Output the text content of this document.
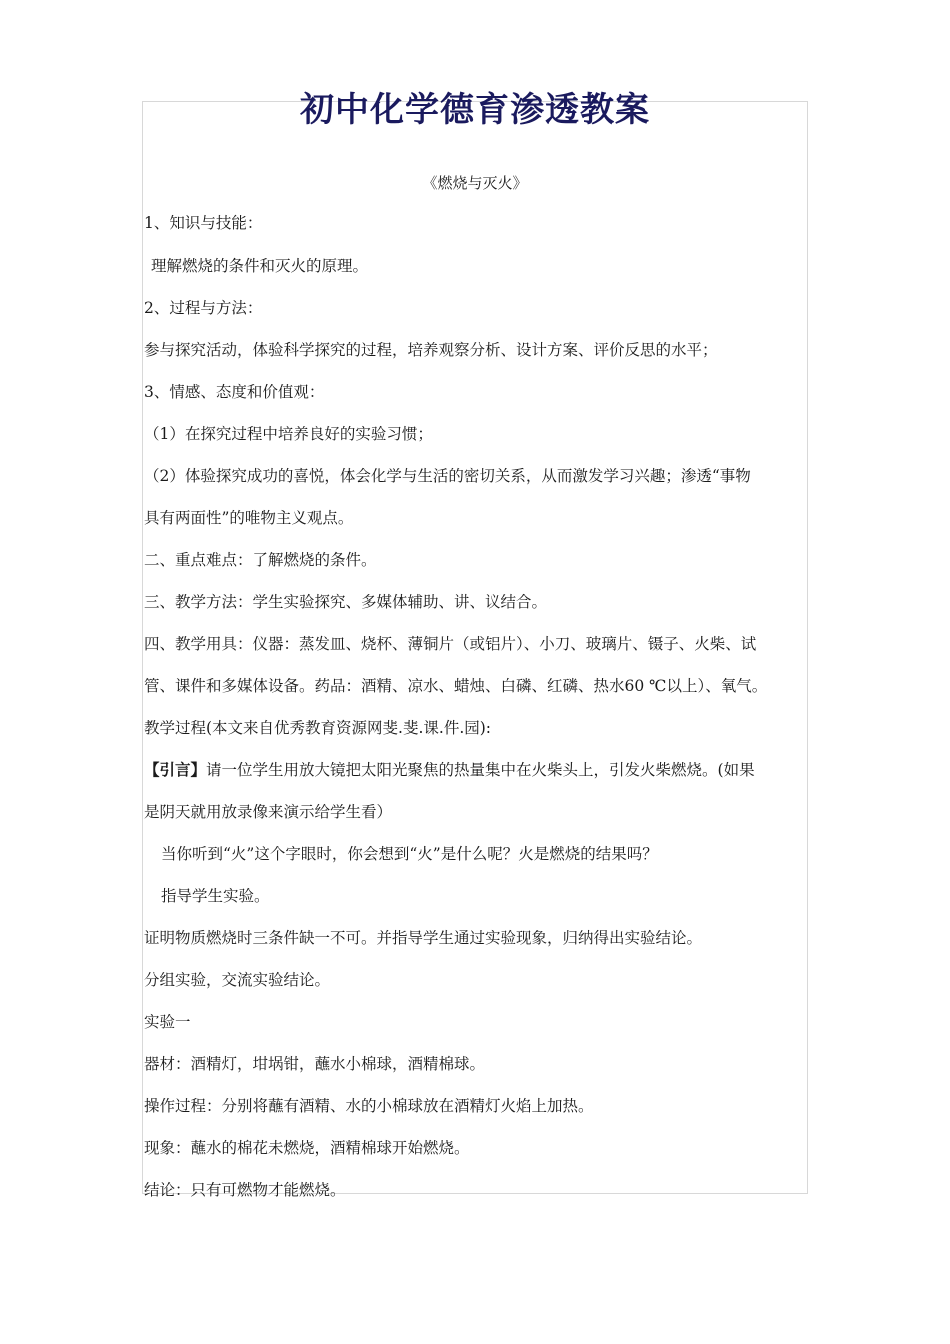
初中化学德育渗透教案
《燃烧与灭火》
1、知识与技能：
理解燃烧的条件和灭火的原理。
2、过程与方法：
参与探究活动，体验科学探究的过程，培养观察分析、设计方案、评价反思的水平；
3、情感、态度和价值观：
（1）在探究过程中培养良好的实验习惯；
（2）体验探究成功的喜悦，体会化学与生活的密切关系，从而激发学习兴趣；渗透“事物
具有两面性”的唯物主义观点。
二、重点难点：了解燃烧的条件。
三、教学方法：学生实验探究、多媒体辅助、讲、议结合。
四、教学用具：仪器：蒸发皿、烧杯、薄铜片（或铝片）、小刀、玻璃片、镊子、火柴、试
管、课件和多媒体设备。药品：酒精、凉水、蜡烛、白磷、红磷、热水60 ℃以上）、氧气。
教学过程(本文来自优秀教育资源网斐.斐.课.件.园):
【引言】请一位学生用放大镜把太阳光聚焦的热量集中在火柴头上，引发火柴燃烧。(如果
是阴天就用放录像来演示给学生看）
当你听到“火”这个字眼时，你会想到“火”是什么呢？火是燃烧的结果吗？
指导学生实验。
证明物质燃烧时三条件缺一不可。并指导学生通过实验现象，归纳得出实验结论。
分组实验，交流实验结论。
实验一
器材：酒精灯，坩埚钳，蘸水小棉球，酒精棉球。
操作过程：分别将蘸有酒精、水的小棉球放在酒精灯火焰上加热。
现象：蘸水的棉花未燃烧，酒精棉球开始燃烧。
结论：只有可燃物才能燃烧。
